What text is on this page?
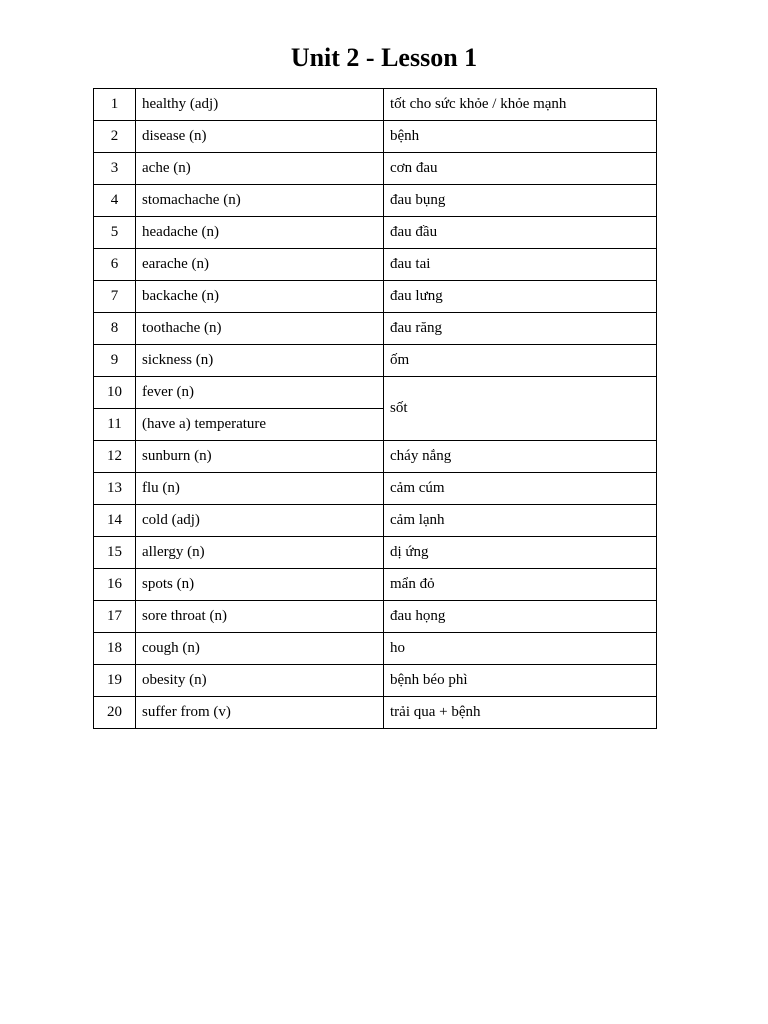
Unit 2 - Lesson 1
1	healthy (adj)	tốt cho sức khỏe / khỏe mạnh
2	disease (n)	bệnh
3	ache (n)	cơn đau
4	stomachache (n)	đau bụng
5	headache (n)	đau đầu
6	earache (n)	đau tai
7	backache (n)	đau lưng
8	toothache (n)	đau răng
9	sickness (n)	ốm
10	fever (n)	sốt
11	(have a) temperature	
12	sunburn (n)	cháy nắng
13	flu (n)	cảm cúm
14	cold (adj)	cảm lạnh
15	allergy (n)	dị ứng
16	spots (n)	mẩn đỏ
17	sore throat (n)	đau họng
18	cough (n)	ho
19	obesity (n)	bệnh béo phì
20	suffer from (v)	trải qua + bệnh
